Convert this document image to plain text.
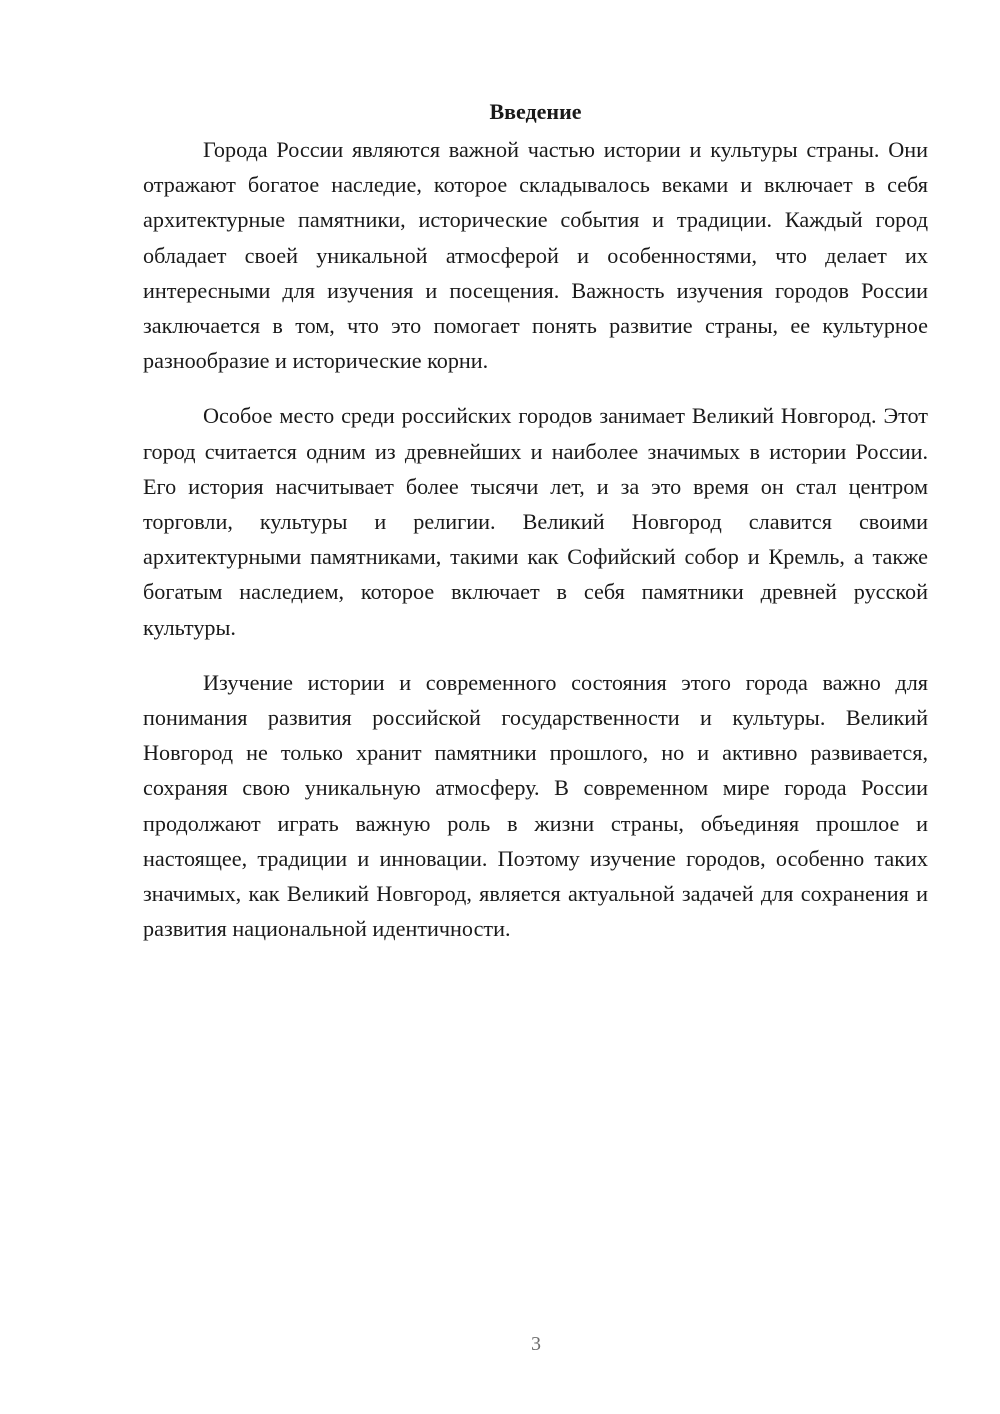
Введение

Города России являются важной частью истории и культуры страны. Они отражают богатое наследие, которое складывалось веками и включает в себя архитектурные памятники, исторические события и традиции. Каждый город обладает своей уникальной атмосферой и особенностями, что делает их интересными для изучения и посещения. Важность изучения городов России заключается в том, что это помогает понять развитие страны, ее культурное разнообразие и исторические корни.

Особое место среди российских городов занимает Великий Новгород. Этот город считается одним из древнейших и наиболее значимых в истории России. Его история насчитывает более тысячи лет, и за это время он стал центром торговли, культуры и религии. Великий Новгород славится своими архитектурными памятниками, такими как Софийский собор и Кремль, а также богатым наследием, которое включает в себя памятники древней русской культуры.

Изучение истории и современного состояния этого города важно для понимания развития российской государственности и культуры. Великий Новгород не только хранит памятники прошлого, но и активно развивается, сохраняя свою уникальную атмосферу. В современном мире города России продолжают играть важную роль в жизни страны, объединяя прошлое и настоящее, традиции и инновации. Поэтому изучение городов, особенно таких значимых, как Великий Новгород, является актуальной задачей для сохранения и развития национальной идентичности.

3
